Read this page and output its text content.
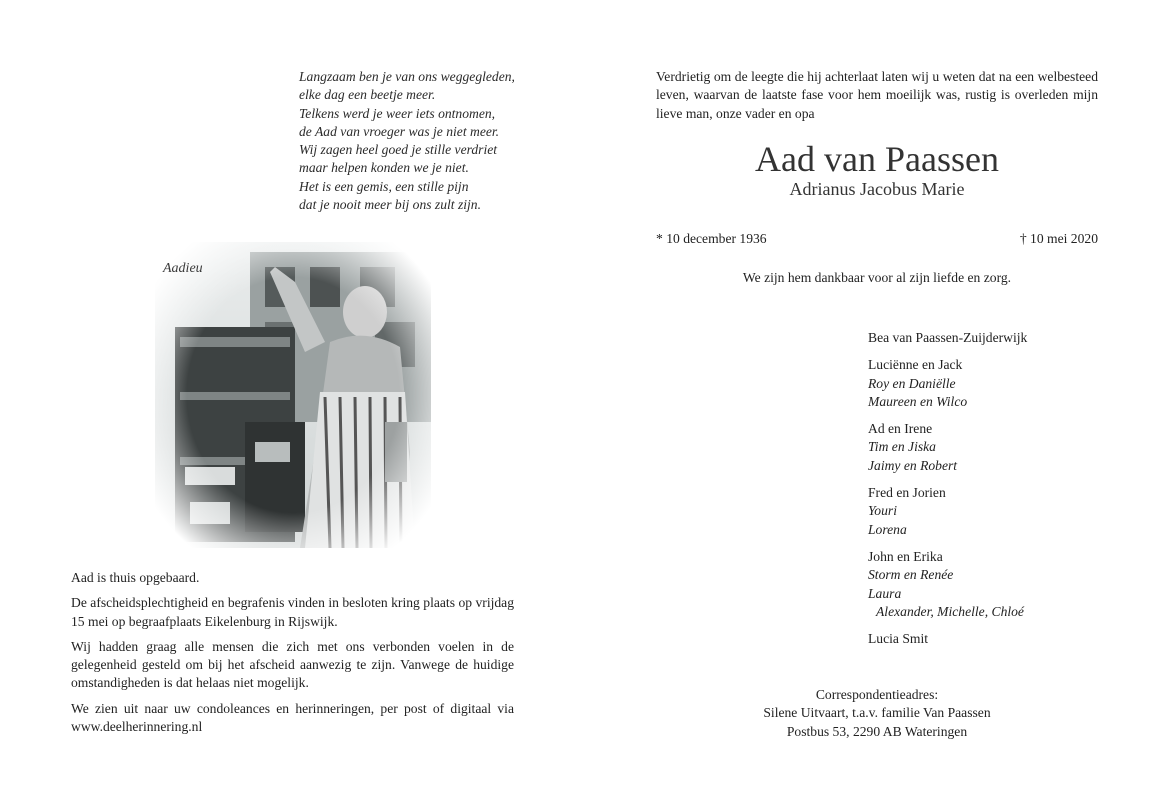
Langzaam ben je van ons weggegleden,
elke dag een beetje meer.
Telkens werd je weer iets ontnomen,
de Aad van vroeger was je niet meer.
Wij zagen heel goed je stille verdriet
maar helpen konden we je niet.
Het is een gemis, een stille pijn
dat je nooit meer bij ons zult zijn.
Aadieu

Aad is thuis opgebaard.

De afscheidsplechtigheid en begrafenis vinden in besloten kring plaats op vrijdag 15 mei op begraafplaats Eikelenburg in Rijswijk.

Wij hadden graag alle mensen die zich met ons verbonden voelen in de gelegenheid gesteld om bij het afscheid aanwezig te zijn. Vanwege de huidige omstandigheden is dat helaas niet mogelijk.

We zien uit naar uw condoleances en herinneringen, per post of digitaal via www.deelherinnering.nl

Verdrietig om de leegte die hij achterlaat laten wij u weten dat na een welbesteed leven, waarvan de laatste fase voor hem moeilijk was, rustig is overleden mijn lieve man, onze vader en opa
Aad van Paassen
Adrianus Jacobus Marie
* 10 december 1936	† 10 mei 2020
We zijn hem dankbaar voor al zijn liefde en zorg.
Bea van Paassen-Zuijderwijk
Luciënne en Jack
Roy en Daniëlle
Maureen en Wilco
Ad en Irene
Tim en Jiska
Jaimy en Robert
Fred en Jorien
Youri
Lorena
John en Erika
Storm en Renée
Laura
Alexander, Michelle, Chloé
Lucia Smit
Correspondentieadres:
Silene Uitvaart, t.a.v. familie Van Paassen
Postbus 53, 2290 AB Wateringen
